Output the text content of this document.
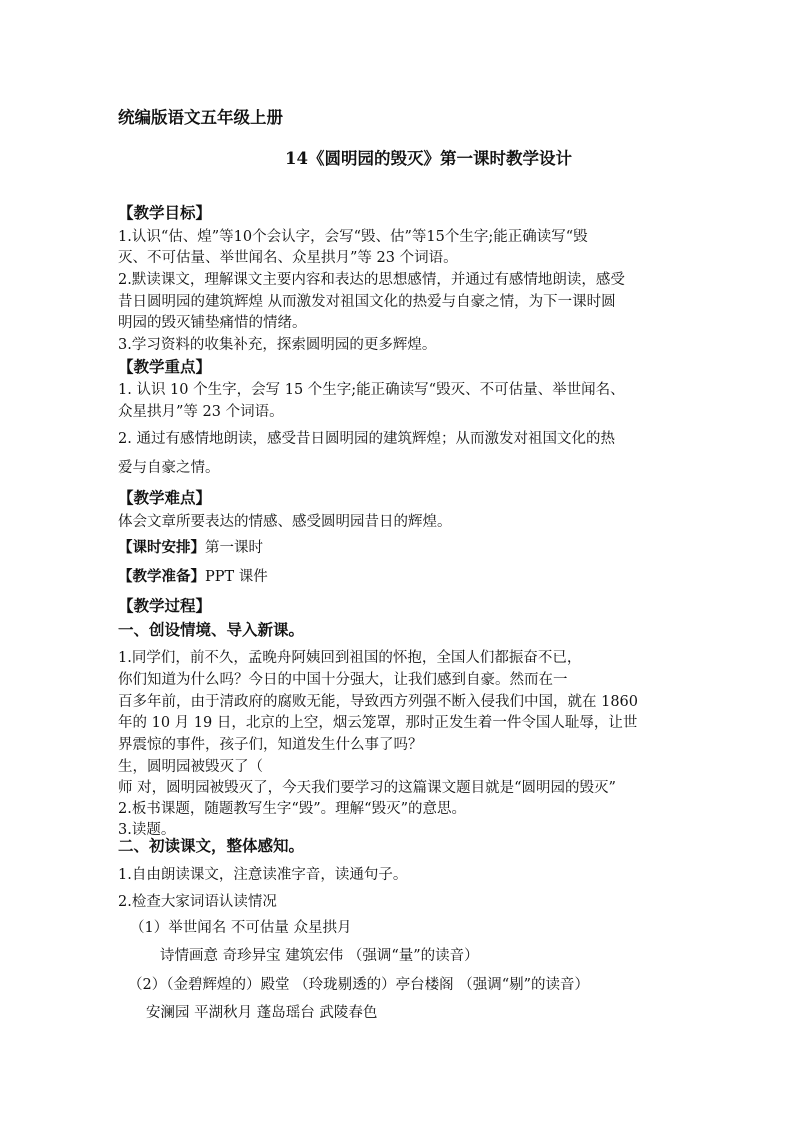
统编版语文五年级上册
14《圆明园的毁灭》第一课时教学设计
【教学目标】
1.认识“估、煌”等10个会认字，会写“毁、估”等15个生字;能正确读写“毁
灭、不可估量、举世闻名、众星拱月”等 23 个词语。
2.默读课文，理解课文主要内容和表达的思想感情，并通过有感情地朗读，感受
昔日圆明园的建筑辉煌 从而激发对祖国文化的热爱与自豪之情，为下一课时圆
明园的毁灭铺垫痛惜的情绪。
3.学习资料的收集补充，探索圆明园的更多辉煌。
【教学重点】
1. 认识 10 个生字，会写 15 个生字;能正确读写“毁灭、不可估量、举世闻名、
众星拱月”等 23 个词语。
2. 通过有感情地朗读，感受昔日圆明园的建筑辉煌；从而激发对祖国文化的热
爱与自豪之情。
【教学难点】
体会文章所要表达的情感、感受圆明园昔日的辉煌。
【课时安排】第一课时
【教学准备】PPT 课件
【教学过程】
一、创设情境、导入新课。
1.同学们，前不久，孟晚舟阿姨回到祖国的怀抱，全国人们都振奋不已，
你们知道为什么吗？今日的中国十分强大，让我们感到自豪。然而在一
百多年前，由于清政府的腐败无能，导致西方列强不断入侵我们中国，就在 1860
年的 10 月 19 日，北京的上空，烟云笼罩，那时正发生着一件令国人耻辱，让世
界震惊的事件，孩子们，知道发生什么事了吗？
生，圆明园被毁灭了（
师 对，圆明园被毁灭了，今天我们要学习的这篇课文题目就是“圆明园的毁灭”
2.板书课题，随题教写生字“毁”。理解“毁灭”的意思。
3.读题。
二、初读课文，整体感知。
1.自由朗读课文，注意读准字音，读通句子。
2.检查大家词语认读情况
（1）举世闻名 不可估量 众星拱月
诗情画意 奇珍异宝 建筑宏伟 （强调“量”的读音）
（2）（金碧辉煌的）殿堂 （玲珑剔透的）亭台楼阁 （强调“剔”的读音）
安澜园 平湖秋月 蓬岛瑶台 武陵春色
